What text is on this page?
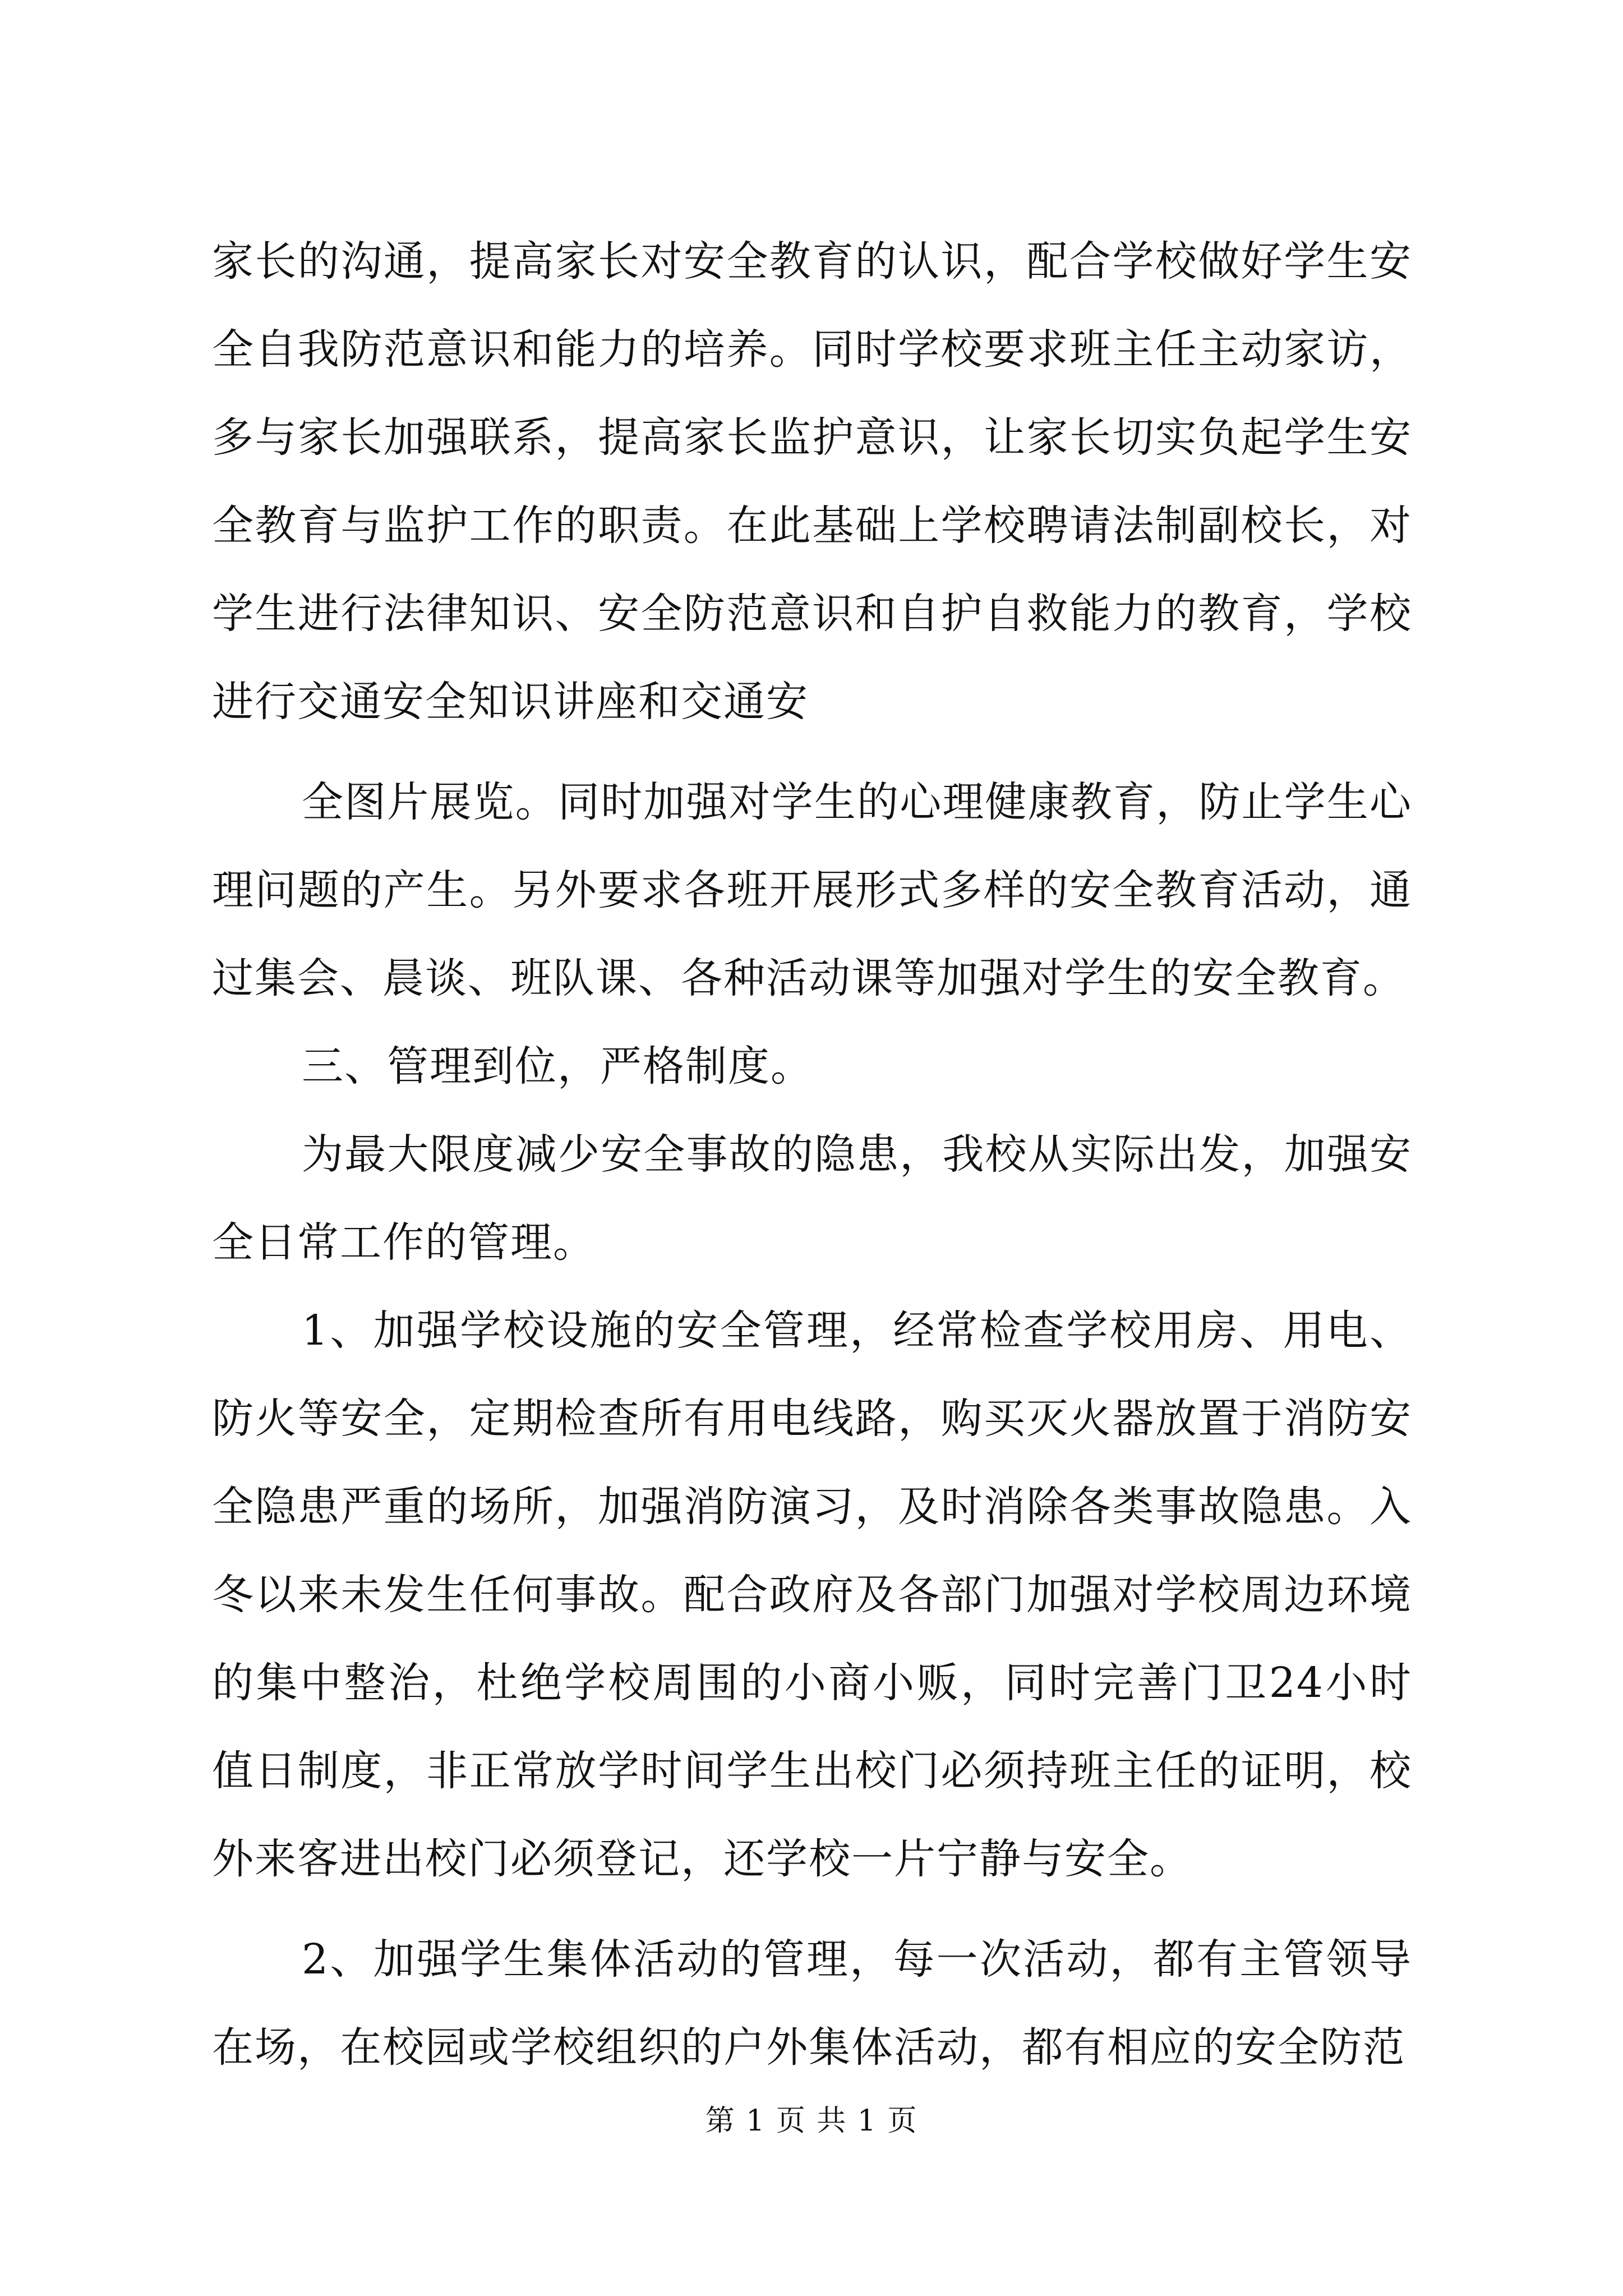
家长的沟通，提高家长对安全教育的认识，配合学校做好学生安全自我防范意识和能力的培养。同时学校要求班主任主动家访，多与家长加强联系，提高家长监护意识，让家长切实负起学生安全教育与监护工作的职责。在此基础上学校聘请法制副校长，对学生进行法律知识、安全防范意识和自护自救能力的教育，学校进行交通安全知识讲座和交通安

全图片展览。同时加强对学生的心理健康教育，防止学生心理问题的产生。另外要求各班开展形式多样的安全教育活动，通过集会、晨谈、班队课、各种活动课等加强对学生的安全教育。

三、管理到位，严格制度。

为最大限度减少安全事故的隐患，我校从实际出发，加强安全日常工作的管理。

1、加强学校设施的安全管理，经常检查学校用房、用电、防火等安全，定期检查所有用电线路，购买灭火器放置于消防安全隐患严重的场所，加强消防演习，及时消除各类事故隐患。入冬以来未发生任何事故。配合政府及各部门加强对学校周边环境的集中整治，杜绝学校周围的小商小贩，同时完善门卫24小时值日制度，非正常放学时间学生出校门必须持班主任的证明，校外来客进出校门必须登记，还学校一片宁静与安全。

2、加强学生集体活动的管理，每一次活动，都有主管领导在场，在校园或学校组织的户外集体活动，都有相应的安全防范

第 1 页 共 1 页
